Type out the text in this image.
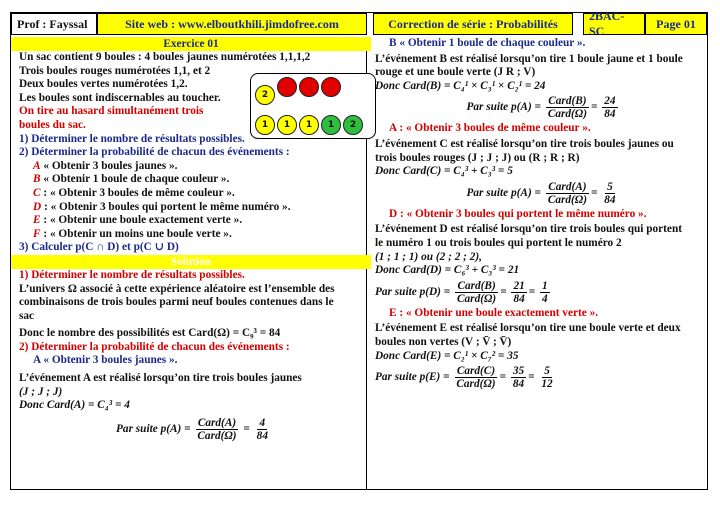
Prof : Fayssal	Site web : www.elboutkhili.jimdofree.com	Correction de série : Probabilités
2BAC-SC
Page 01
Exercice 01
Un sac contient 9 boules : 4 boules jaunes numérotées 1,1,1,2
Trois boules rouges numérotées 1,1, et 2
Deux boules vertes numérotées 1,2.
Les boules sont indiscernables au toucher.
On tire au hasard simultanément trois
boules du sac.
1) Déterminer le nombre de résultats possibles.
2) Déterminer la probabilité de chacun des événements :
A « Obtenir 3 boules jaunes ».
B « Obtenir 1 boule de chaque couleur ».
C : « Obtenir 3 boules de même couleur ».
D : « Obtenir 3 boules qui portent le même numéro ».
E : « Obtenir une boule exactement verte ».
F : « Obtenir un moins une boule verte ».
3) Calculer p(C ∩ D) et p(C ∪ D)
Solution
1) Déterminer le nombre de résultats possibles.
L’univers Ω associé à cette expérience aléatoire est l’ensemble des
combinaisons de trois boules parmi neuf boules contenues dans le
sac
Donc le nombre des possibilités est Card(Ω) = C₉³ = 84
2) Déterminer la probabilité de chacun des événements :
A « Obtenir 3 boules jaunes ».
L’événement A est réalisé lorsqu’on tire trois boules jaunes
(J ; J ; J)
Donc Card(A) = C₄³ = 4
Par suite p(A) =
Card(A)
Card(Ω)
= $\frac{4}{84}$
2
1 1 1 1 2
B « Obtenir 1 boule de chaque couleur ».
L’événement B est réalisé lorsqu’on tire 1 boule jaune et 1 boule
rouge et une boule verte (J R ; V)
Donc Card(B) = C₄¹ × C₃¹ × C₂¹ = 24
Par suite p(A) =
Card(B)
Card(Ω)
= $\frac{24}{84}$
A : « Obtenir 3 boules de même couleur ».
L’événement C est réalisé lorsqu’on tire trois boules jaunes ou
trois boules rouges (J ; J ; J) ou (R ; R ; R)
Donc Card(C) = C₄³ + C₃³ = 5
Par suite p(A) =
Card(A)
Card(Ω)
= $\frac{5}{84}$
D : « Obtenir 3 boules qui portent le même numéro ».
L’événement D est réalisé lorsqu’on tire trois boules qui portent
le numéro 1 ou trois boules qui portent le numéro 2
(1 ; 1 ; 1) ou (2 ; 2 ; 2),
Donc Card(D) = C₆³ + C₃³ = 21
Par suite p(D) =
Card(B)
Card(Ω)
= $\frac{21}{84} = \frac{1}{4}$
E : « Obtenir une boule exactement verte ».
L’événement E est réalisé lorsqu’on tire une boule verte et deux
boules non vertes (V ; V̄ ; V̄)
Donc Card(E) = C₂¹ × C₇² = 35
Par suite p(E) =
Card(C)
Card(Ω)
= $\frac{35}{84} = \frac{5}{12}$
